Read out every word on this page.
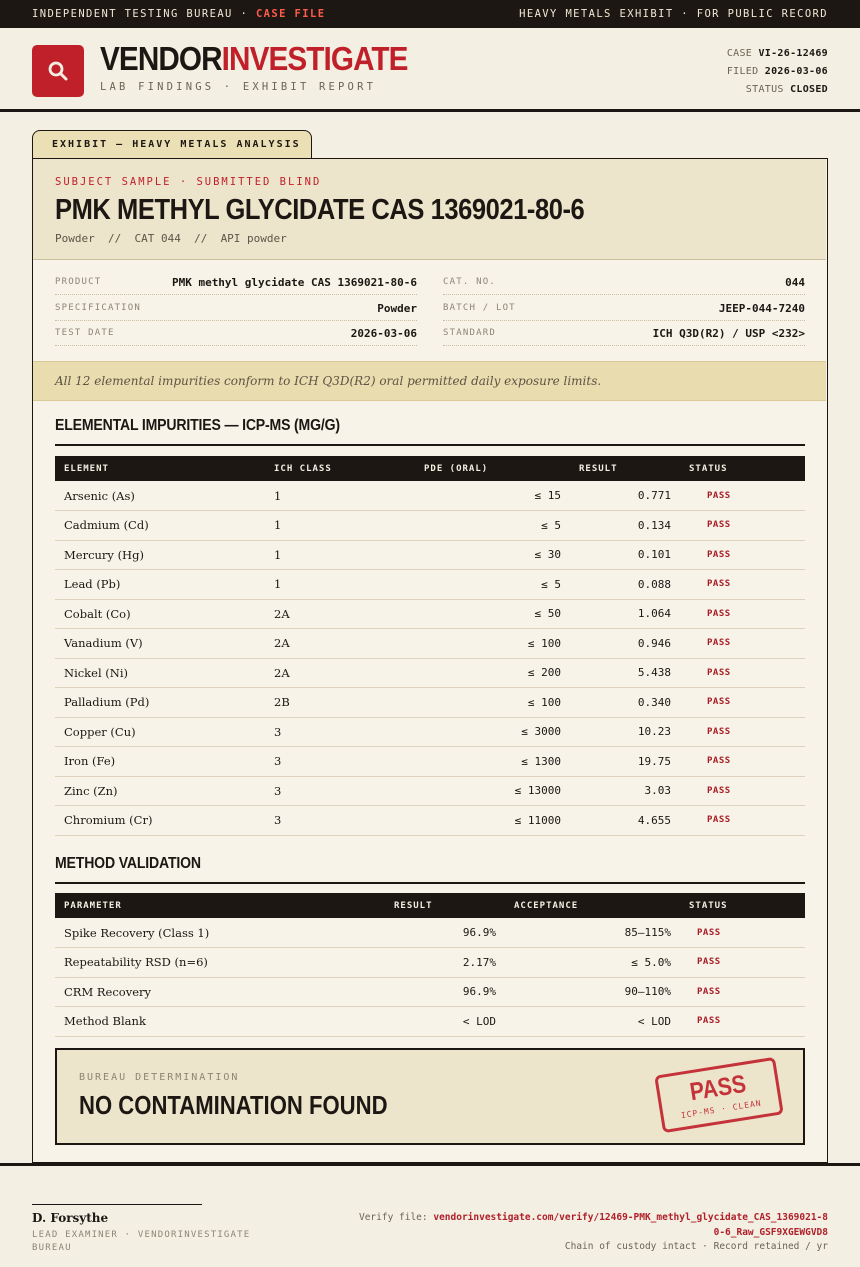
INDEPENDENT TESTING BUREAU · CASE FILE	HEAVY METALS EXHIBIT · FOR PUBLIC RECORD
VENDORINVESTIGATE
LAB FINDINGS · EXHIBIT REPORT
CASE VI-26-12469
FILED 2026-03-06
STATUS CLOSED
EXHIBIT — HEAVY METALS ANALYSIS
SUBJECT SAMPLE · SUBMITTED BLIND
PMK METHYL GLYCIDATE CAS 1369021-80-6
Powder  //  CAT 044  //  API powder
PRODUCT	PMK methyl glycidate CAS 1369021-80-6
SPECIFICATION	Powder
TEST DATE	2026-03-06
CAT. NO.	044
BATCH / LOT	JEEP-044-7240
STANDARD	ICH Q3D(R2) / USP <232>
All 12 elemental impurities conform to ICH Q3D(R2) oral permitted daily exposure limits.
ELEMENTAL IMPURITIES — ICP-MS (MG/G)
ELEMENT	ICH CLASS	PDE (ORAL)	RESULT	STATUS
Arsenic (As)	1	≤ 15	0.771	PASS
Cadmium (Cd)	1	≤ 5	0.134	PASS
Mercury (Hg)	1	≤ 30	0.101	PASS
Lead (Pb)	1	≤ 5	0.088	PASS
Cobalt (Co)	2A	≤ 50	1.064	PASS
Vanadium (V)	2A	≤ 100	0.946	PASS
Nickel (Ni)	2A	≤ 200	5.438	PASS
Palladium (Pd)	2B	≤ 100	0.340	PASS
Copper (Cu)	3	≤ 3000	10.23	PASS
Iron (Fe)	3	≤ 1300	19.75	PASS
Zinc (Zn)	3	≤ 13000	3.03	PASS
Chromium (Cr)	3	≤ 11000	4.655	PASS
METHOD VALIDATION
PARAMETER	RESULT	ACCEPTANCE	STATUS
Spike Recovery (Class 1)	96.9%	85–115%	PASS
Repeatability RSD (n=6)	2.17%	≤ 5.0%	PASS
CRM Recovery	96.9%	90–110%	PASS
Method Blank	< LOD	< LOD	PASS
BUREAU DETERMINATION
NO CONTAMINATION FOUND	PASS
ICP-MS · CLEAN
D. Forsythe
LEAD EXAMINER · VENDORINVESTIGATE BUREAU
Verify file: vendorinvestigate.com/verify/12469-PMK_methyl_glycidate_CAS_1369021-80-6_Raw_GSF9XGEWGVD8
Chain of custody intact · Record retained / yr
